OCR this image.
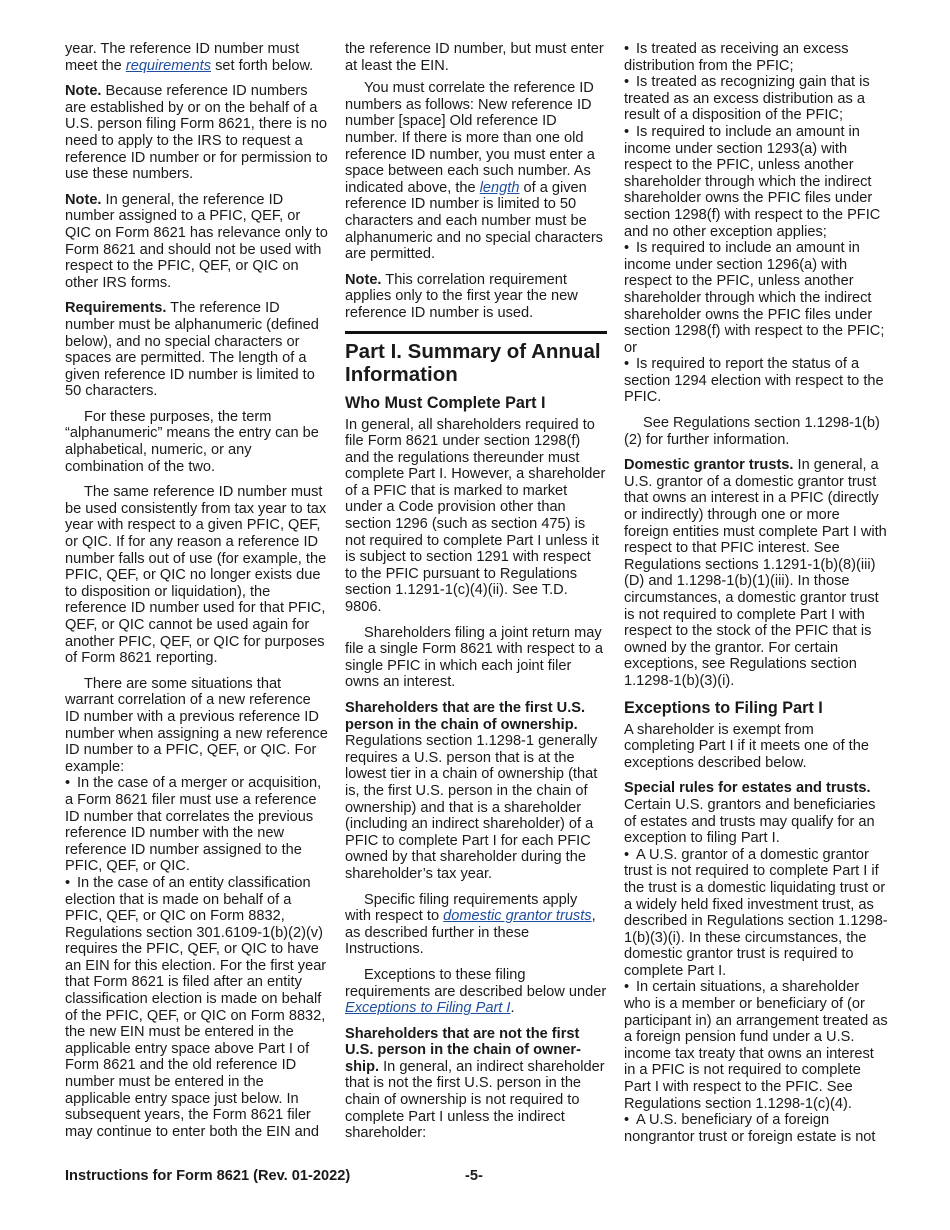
year. The reference ID number must meet the requirements set forth below.

Note. Because reference ID numbers are established by or on the behalf of a U.S. person filing Form 8621, there is no need to apply to the IRS to request a reference ID number or for permission to use these numbers.

Note. In general, the reference ID number assigned to a PFIC, QEF, or QIC on Form 8621 has relevance only to Form 8621 and should not be used with respect to the PFIC, QEF, or QIC on other IRS forms.

Requirements. The reference ID number must be alphanumeric (defined below), and no special characters or spaces are permitted. The length of a given reference ID number is limited to 50 characters.

For these purposes, the term “alphanumeric” means the entry can be alphabetical, numeric, or any combination of the two.

The same reference ID number must be used consistently from tax year to tax year with respect to a given PFIC, QEF, or QIC. If for any reason a reference ID number falls out of use (for example, the PFIC, QEF, or QIC no longer exists due to disposition or liquidation), the reference ID number used for that PFIC, QEF, or QIC cannot be used again for another PFIC, QEF, or QIC for purposes of Form 8621 reporting.

There are some situations that warrant correlation of a new reference ID number with a previous reference ID number when assigning a new reference ID number to a PFIC, QEF, or QIC. For example:

• In the case of a merger or acquisition, a Form 8621 filer must use a reference ID number that correlates the previous reference ID number with the new reference ID number assigned to the PFIC, QEF, or QIC.
• In the case of an entity classification election that is made on behalf of a PFIC, QEF, or QIC on Form 8832, Regulations section 301.6109-1(b)(2)(v) requires the PFIC, QEF, or QIC to have an EIN for this election. For the first year that Form 8621 is filed after an entity classification election is made on behalf of the PFIC, QEF, or QIC on Form 8832, the new EIN must be entered in the applicable entry space above Part I of Form 8621 and the old reference ID number must be entered in the applicable entry space just below. In subsequent years, the Form 8621 filer may continue to enter both the EIN and

the reference ID number, but must enter at least the EIN.

You must correlate the reference ID numbers as follows: New reference ID number [space] Old reference ID number. If there is more than one old reference ID number, you must enter a space between each such number. As indicated above, the length of a given reference ID number is limited to 50 characters and each number must be alphanumeric and no special characters are permitted.

Note. This correlation requirement applies only to the first year the new reference ID number is used.

Part I. Summary of Annual Information
Who Must Complete Part I

In general, all shareholders required to file Form 8621 under section 1298(f) and the regulations thereunder must complete Part I. However, a shareholder of a PFIC that is marked to market under a Code provision other than section 1296 (such as section 475) is not required to complete Part I unless it is subject to section 1291 with respect to the PFIC pursuant to Regulations section 1.1291-1(c)(4)(ii). See T.D. 9806.

Shareholders filing a joint return may file a single Form 8621 with respect to a single PFIC in which each joint filer owns an interest.

Shareholders that are the first U.S. person in the chain of ownership.
Regulations section 1.1298-1 generally requires a U.S. person that is at the lowest tier in a chain of ownership (that is, the first U.S. person in the chain of ownership) and that is a shareholder (including an indirect shareholder) of a PFIC to complete Part I for each PFIC owned by that shareholder during the shareholder’s tax year.

Specific filing requirements apply with respect to domestic grantor trusts, as described further in these Instructions.

Exceptions to these filing requirements are described below under Exceptions to Filing Part I.

Shareholders that are not the first U.S. person in the chain of owner-ship. In general, an indirect shareholder that is not the first U.S. person in the chain of ownership is not required to complete Part I unless the indirect shareholder:

• Is treated as receiving an excess distribution from the PFIC;
• Is treated as recognizing gain that is treated as an excess distribution as a result of a disposition of the PFIC;
• Is required to include an amount in income under section 1293(a) with respect to the PFIC, unless another shareholder through which the indirect shareholder owns the PFIC files under section 1298(f) with respect to the PFIC and no other exception applies;
• Is required to include an amount in income under section 1296(a) with respect to the PFIC, unless another shareholder through which the indirect shareholder owns the PFIC files under section 1298(f) with respect to the PFIC; or
• Is required to report the status of a section 1294 election with respect to the PFIC.

See Regulations section 1.1298-1(b)(2) for further information.

Domestic grantor trusts. In general, a U.S. grantor of a domestic grantor trust that owns an interest in a PFIC (directly or indirectly) through one or more foreign entities must complete Part I with respect to that PFIC interest. See Regulations sections 1.1291-1(b)(8)(iii)(D) and 1.1298-1(b)(1)(iii). In those circumstances, a domestic grantor trust is not required to complete Part I with respect to the stock of the PFIC that is owned by the grantor. For certain exceptions, see Regulations section 1.1298-1(b)(3)(i).

Exceptions to Filing Part I

A shareholder is exempt from completing Part I if it meets one of the exceptions described below.

Special rules for estates and trusts.
Certain U.S. grantors and beneficiaries of estates and trusts may qualify for an exception to filing Part I.

• A U.S. grantor of a domestic grantor trust is not required to complete Part I if the trust is a domestic liquidating trust or a widely held fixed investment trust, as described in Regulations section 1.1298-1(b)(3)(i). In these circumstances, the domestic grantor trust is required to complete Part I.
• In certain situations, a shareholder who is a member or beneficiary of (or participant in) an arrangement treated as a foreign pension fund under a U.S. income tax treaty that owns an interest in a PFIC is not required to complete Part I with respect to the PFIC. See Regulations section 1.1298-1(c)(4).
• A U.S. beneficiary of a foreign nongrantor trust or foreign estate is not
Instructions for Form 8621 (Rev. 01-2022)	-5-
